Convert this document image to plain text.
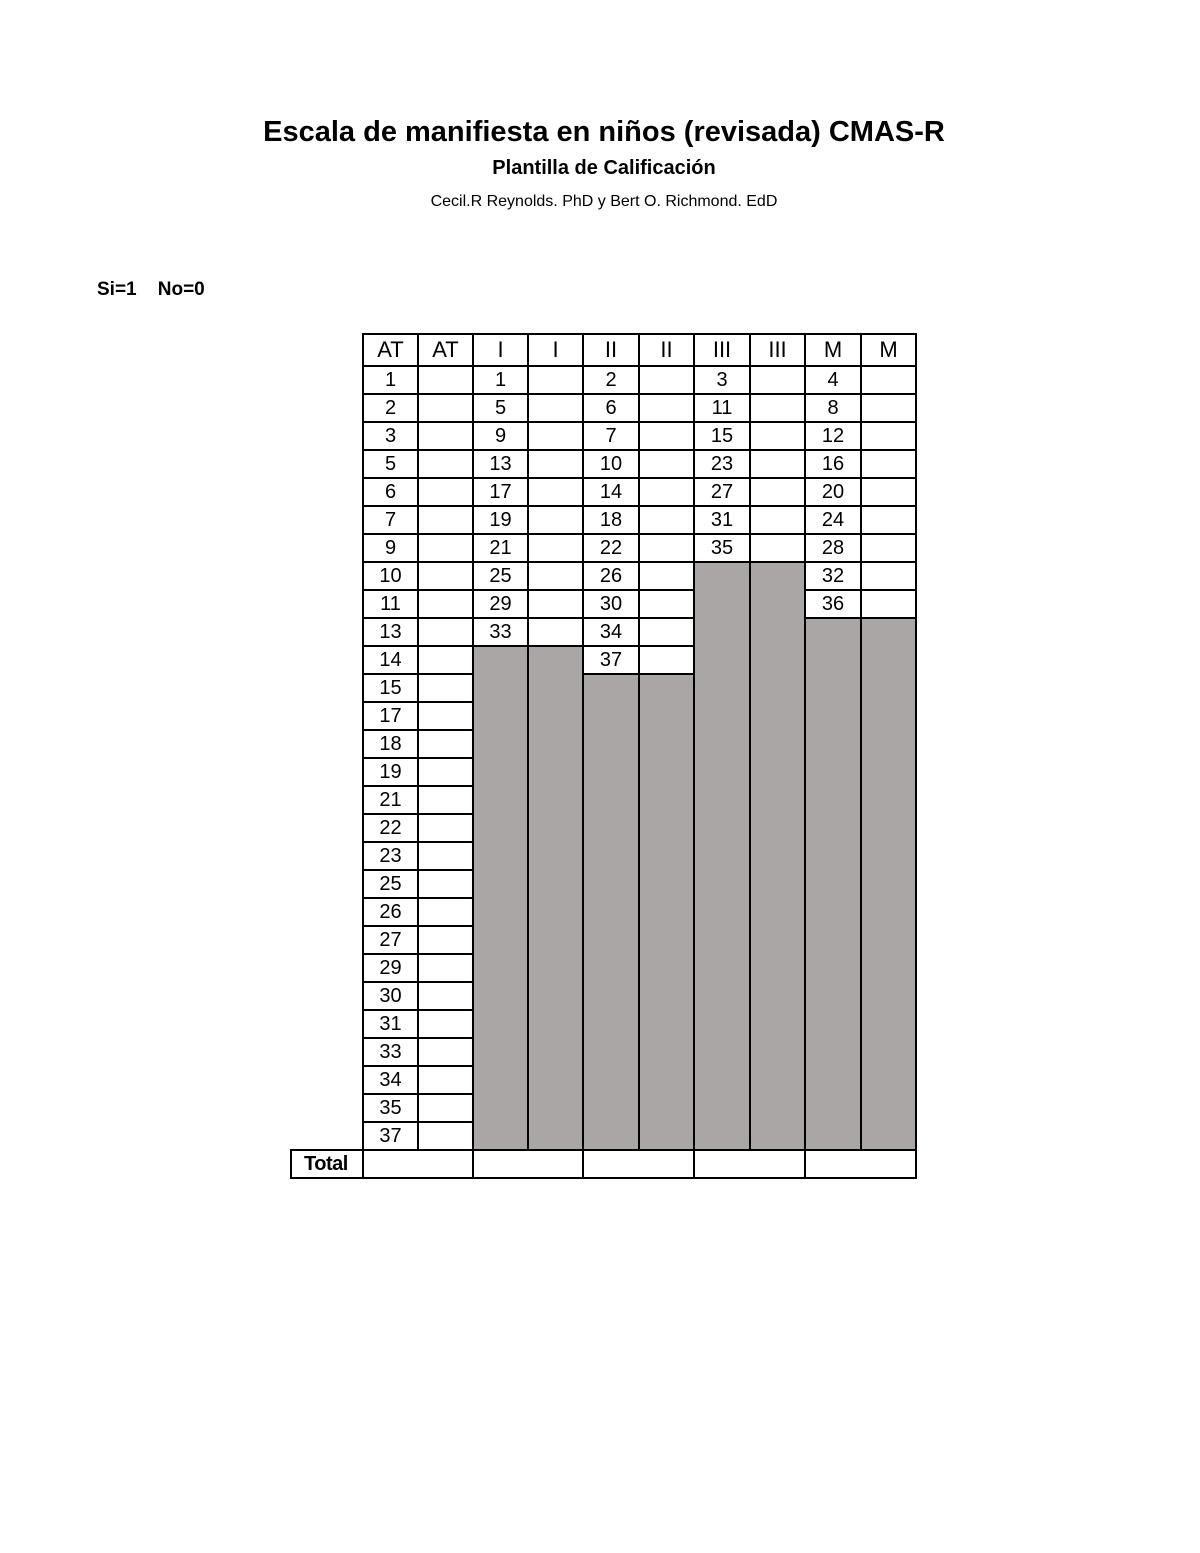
Escala de manifiesta en niños (revisada) CMAS-R
Plantilla de Calificación
Cecil.R Reynolds. PhD y Bert O. Richmond. EdD
Si=1 No=0
	AT	AT	I	I	II	II	III	III	M	M
	1		1		2		3		4	
	2		5		6		11		8	
	3		9		7		15		12	
	5		13		10		23		16	
	6		17		14		27		20	
	7		19		18		31		24	
	9		21		22		35		28	
	10		25		26				32	
	11		29		30				36	
	13		33		34					
	14				37					
	15									
	17									
	18									
	19									
	21									
	22									
	23									
	25									
	26									
	27									
	29									
	30									
	31									
	33									
	34									
	35									
	37									
Total										
